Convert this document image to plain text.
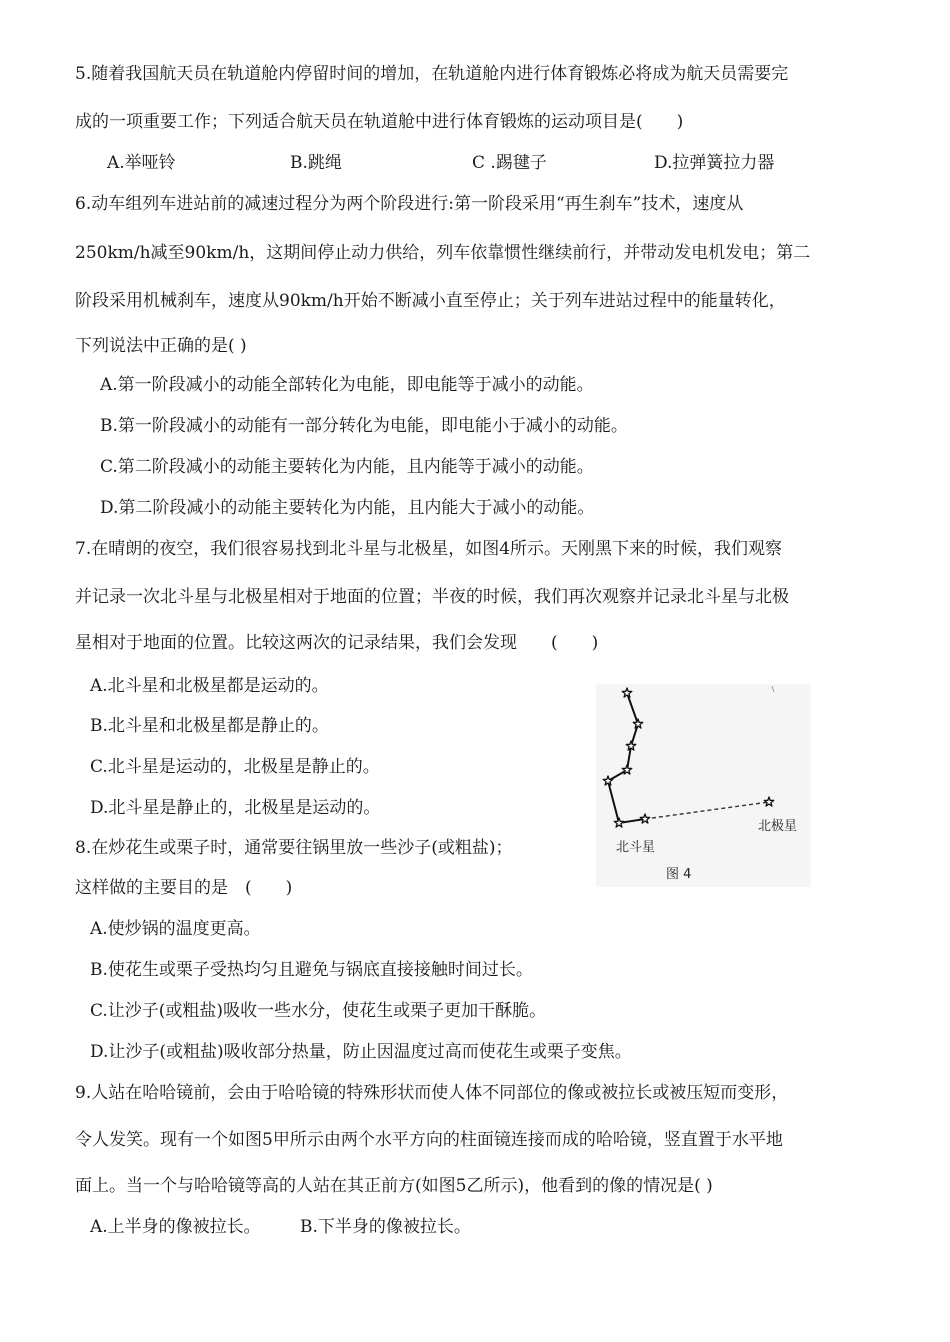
5.随着我国航天员在轨道舱内停留时间的增加，在轨道舱内进行体育锻炼必将成为航天员需要完
成的一项重要工作；下列适合航天员在轨道舱中进行体育锻炼的运动项目是(　　)
A.举哑铃	B.跳绳	C .踢毽子	D.拉弹簧拉力器
6.动车组列车进站前的减速过程分为两个阶段进行:第一阶段采用“再生刹车”技术，速度从
250km/h减至90km/h，这期间停止动力供给，列车依靠惯性继续前行，并带动发电机发电；第二
阶段采用机械刹车，速度从90km/h开始不断减小直至停止；关于列车进站过程中的能量转化，
下列说法中正确的是( )
A.第一阶段减小的动能全部转化为电能，即电能等于减小的动能。
B.第一阶段减小的动能有一部分转化为电能，即电能小于减小的动能。
C.第二阶段减小的动能主要转化为内能，且内能等于减小的动能。
D.第二阶段减小的动能主要转化为内能，且内能大于减小的动能。
7.在晴朗的夜空，我们很容易找到北斗星与北极星，如图4所示。天刚黑下来的时候，我们观察
并记录一次北斗星与北极星相对于地面的位置；半夜的时候，我们再次观察并记录北斗星与北极
星相对于地面的位置。比较这两次的记录结果，我们会发现　　(　　)
A.北斗星和北极星都是运动的。
B.北斗星和北极星都是静止的。
C.北斗星是运动的，北极星是静止的。
D.北斗星是静止的，北极星是运动的。
北斗星
北极星
图 4
8.在炒花生或栗子时，通常要往锅里放一些沙子(或粗盐)；
这样做的主要目的是　(　　)
A.使炒锅的温度更高。
B.使花生或栗子受热均匀且避免与锅底直接接触时间过长。
C.让沙子(或粗盐)吸收一些水分，使花生或栗子更加干酥脆。
D.让沙子(或粗盐)吸收部分热量，防止因温度过高而使花生或栗子变焦。
9.人站在哈哈镜前，会由于哈哈镜的特殊形状而使人体不同部位的像或被拉长或被压短而变形，
令人发笑。现有一个如图5甲所示由两个水平方向的柱面镜连接而成的哈哈镜，竖直置于水平地
面上。当一个与哈哈镜等高的人站在其正前方(如图5乙所示)，他看到的像的情况是( )
A.上半身的像被拉长。 B.下半身的像被拉长。
